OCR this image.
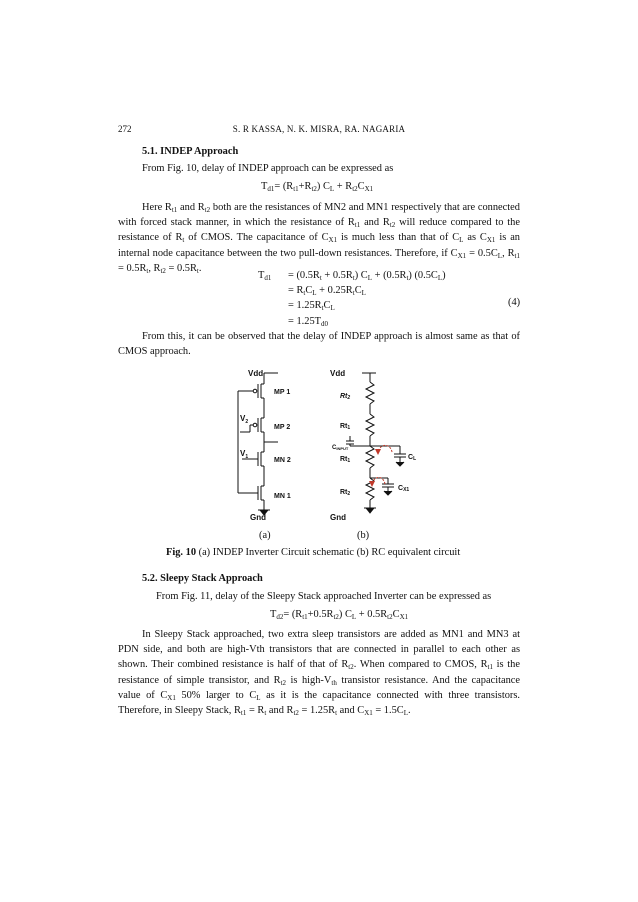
272	S. R KASSA, N. K. MISRA, RA. NAGARIA

5.1. INDEP Approach

From Fig. 10, delay of INDEP approach can be expressed as

$T_{d1}= (R_{t1}+R_{t2}) C_L + R_{t2}C_{X1}$

Here $R_{t1}$ and $R_{t2}$ both are the resistances of MN2 and MN1 respectively that are connected with forced stack manner, in which the resistance of $R_{t1}$ and $R_{t2}$ will reduce compared to the resistance of $R_t$ of CMOS. The capacitance of $C_{X1}$ is much less than that of $C_L$ as $C_{X1}$ is an internal node capacitance between the two pull-down resistances. Therefore, if $C_{X1} = 0.5C_L$, $R_{t1} = 0.5R_t$, $R_{t2} = 0.5R_t$.

$T_{d1} = (0.5R_t + 0.5R_t) C_L + (0.5R_t)$ $(0.5C_L)$
= $R_tC_L + 0.25R_tC_L$
= $1.25R_tC_L$
= $1.25T_{d0}$
(4)

From this, it can be observed that the delay of INDEP approach is almost same as that of CMOS approach.

Vdd
MP 1
MP 2
MN 2
MN 1
$V_2$
$V_1$
Gnd
Vdd
Rt2
Rt1
CINPUT
Rt1
Rt2
CL
CX1
Gnd
(a)	(b)
Fig. 10 (a) INDEP Inverter Circuit schematic (b) RC equivalent circuit

5.2. Sleepy Stack Approach

From Fig. 11, delay of the Sleepy Stack approached Inverter can be expressed as

$T_{d2}= (R_{t1}+0.5R_{t2}) C_L + 0.5R_{t2}C_{X1}$

In Sleepy Stack approached, two extra sleep transistors are added as MN1 and MN3 at PDN side, and both are high-Vth transistors that are connected in parallel to each other as shown. Their combined resistance is half of that of $R_{t2}$. When compared to CMOS, $R_{t1}$ is the resistance of simple transistor, and $R_{t2}$ is high-$V_{th}$ transistor resistance. And the capacitance value of $C_{X1}$ 50% larger to $C_L$ as it is the capacitance connected with three transistors. Therefore, in Sleepy Stack, $R_{t1} = R_t$ and $R_{t2} = 1.25R_t$ and $C_{X1} = 1.5C_L$.
